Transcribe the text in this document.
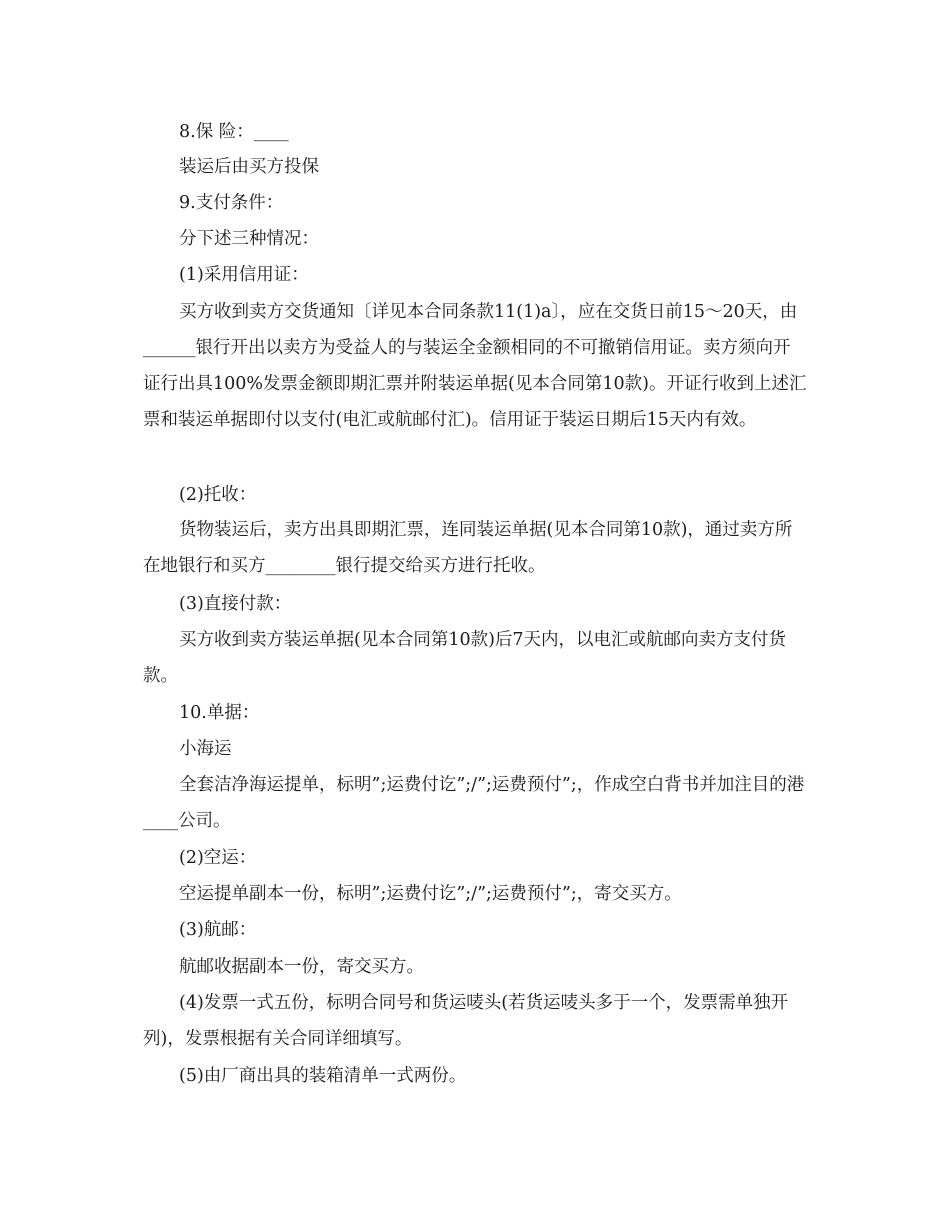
8.保 险：____

装运后由买方投保

9.支付条件：

分下述三种情况：

(1)采用信用证：

买方收到卖方交货通知〔详见本合同条款11(1)a〕，应在交货日前15～20天，由______银行开出以卖方为受益人的与装运全金额相同的不可撤销信用证。卖方须向开证行出具100%发票金额即期汇票并附装运单据(见本合同第10款)。开证行收到上述汇票和装运单据即付以支付(电汇或航邮付汇)。信用证于装运日期后15天内有效。

(2)托收：

货物装运后，卖方出具即期汇票，连同装运单据(见本合同第10款)，通过卖方所在地银行和买方________银行提交给买方进行托收。

(3)直接付款：

买方收到卖方装运单据(见本合同第10款)后7天内，以电汇或航邮向卖方支付货款。

10.单据：

小海运

全套洁净海运提单，标明”;运费付讫”;/”;运费预付”;，作成空白背书并加注目的港____公司。

(2)空运：

空运提单副本一份，标明”;运费付讫”;/”;运费预付”;，寄交买方。

(3)航邮：

航邮收据副本一份，寄交买方。

(4)发票一式五份，标明合同号和货运唛头(若货运唛头多于一个，发票需单独开列)，发票根据有关合同详细填写。

(5)由厂商出具的装箱清单一式两份。
